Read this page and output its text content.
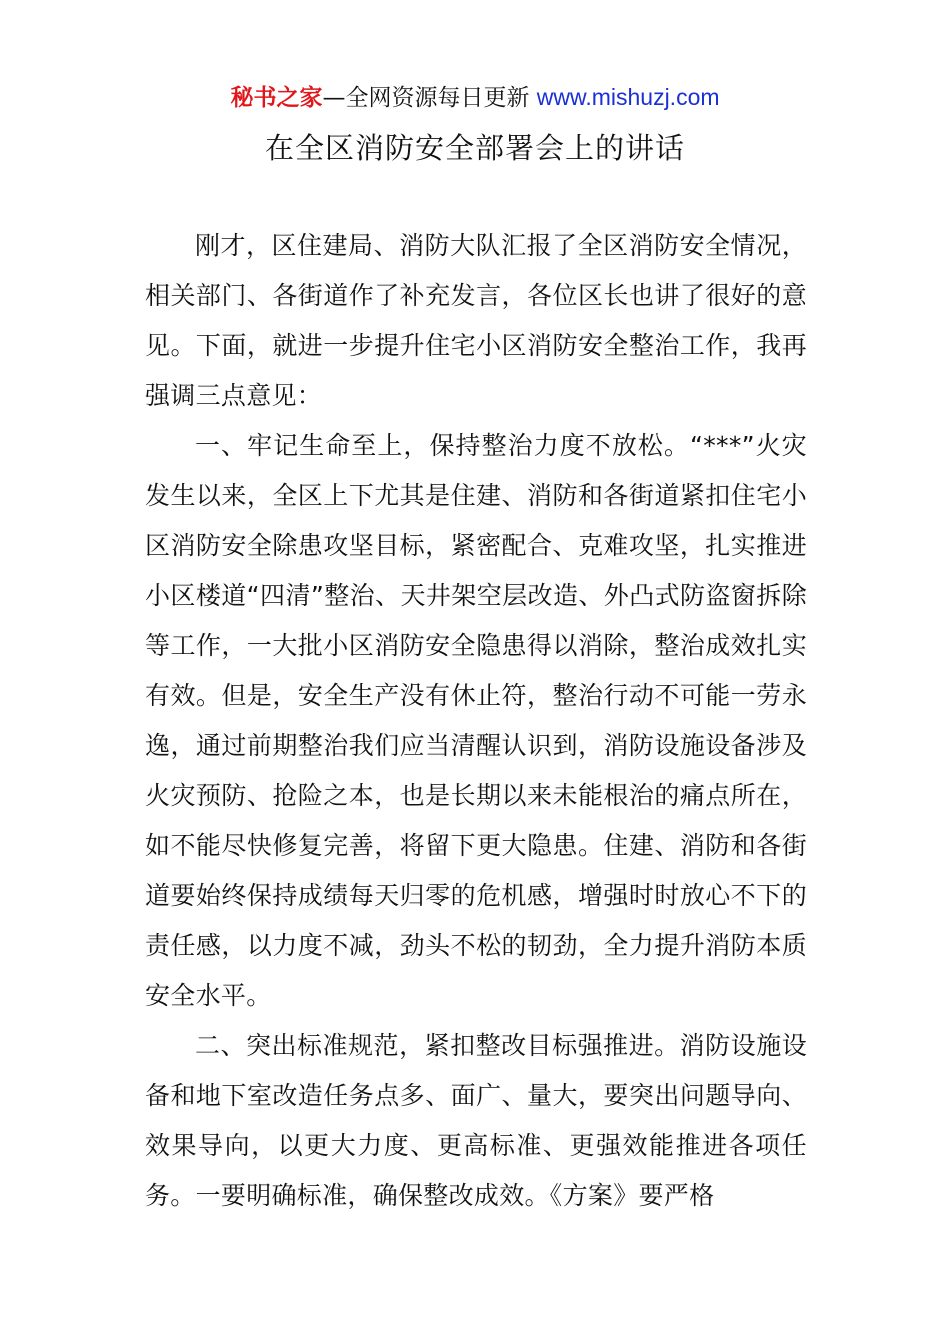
秘书之家—全网资源每日更新 www.mishuzj.com
在全区消防安全部署会上的讲话

刚才，区住建局、消防大队汇报了全区消防安全情况，相关部门、各街道作了补充发言，各位区长也讲了很好的意见。下面，就进一步提升住宅小区消防安全整治工作，我再强调三点意见：

一、牢记生命至上，保持整治力度不放松。“***”火灾发生以来，全区上下尤其是住建、消防和各街道紧扣住宅小区消防安全除患攻坚目标，紧密配合、克难攻坚，扎实推进小区楼道“四清”整治、天井架空层改造、外凸式防盗窗拆除等工作，一大批小区消防安全隐患得以消除，整治成效扎实有效。但是，安全生产没有休止符，整治行动不可能一劳永逸，通过前期整治我们应当清醒认识到，消防设施设备涉及火灾预防、抢险之本，也是长期以来未能根治的痛点所在，如不能尽快修复完善，将留下更大隐患。住建、消防和各街道要始终保持成绩每天归零的危机感，增强时时放心不下的责任感，以力度不减，劲头不松的韧劲，全力提升消防本质安全水平。

二、突出标准规范，紧扣整改目标强推进。消防设施设备和地下室改造任务点多、面广、量大，要突出问题导向、效果导向，以更大力度、更高标准、更强效能推进各项任务。一要明确标准，确保整改成效。《方案》要严格
